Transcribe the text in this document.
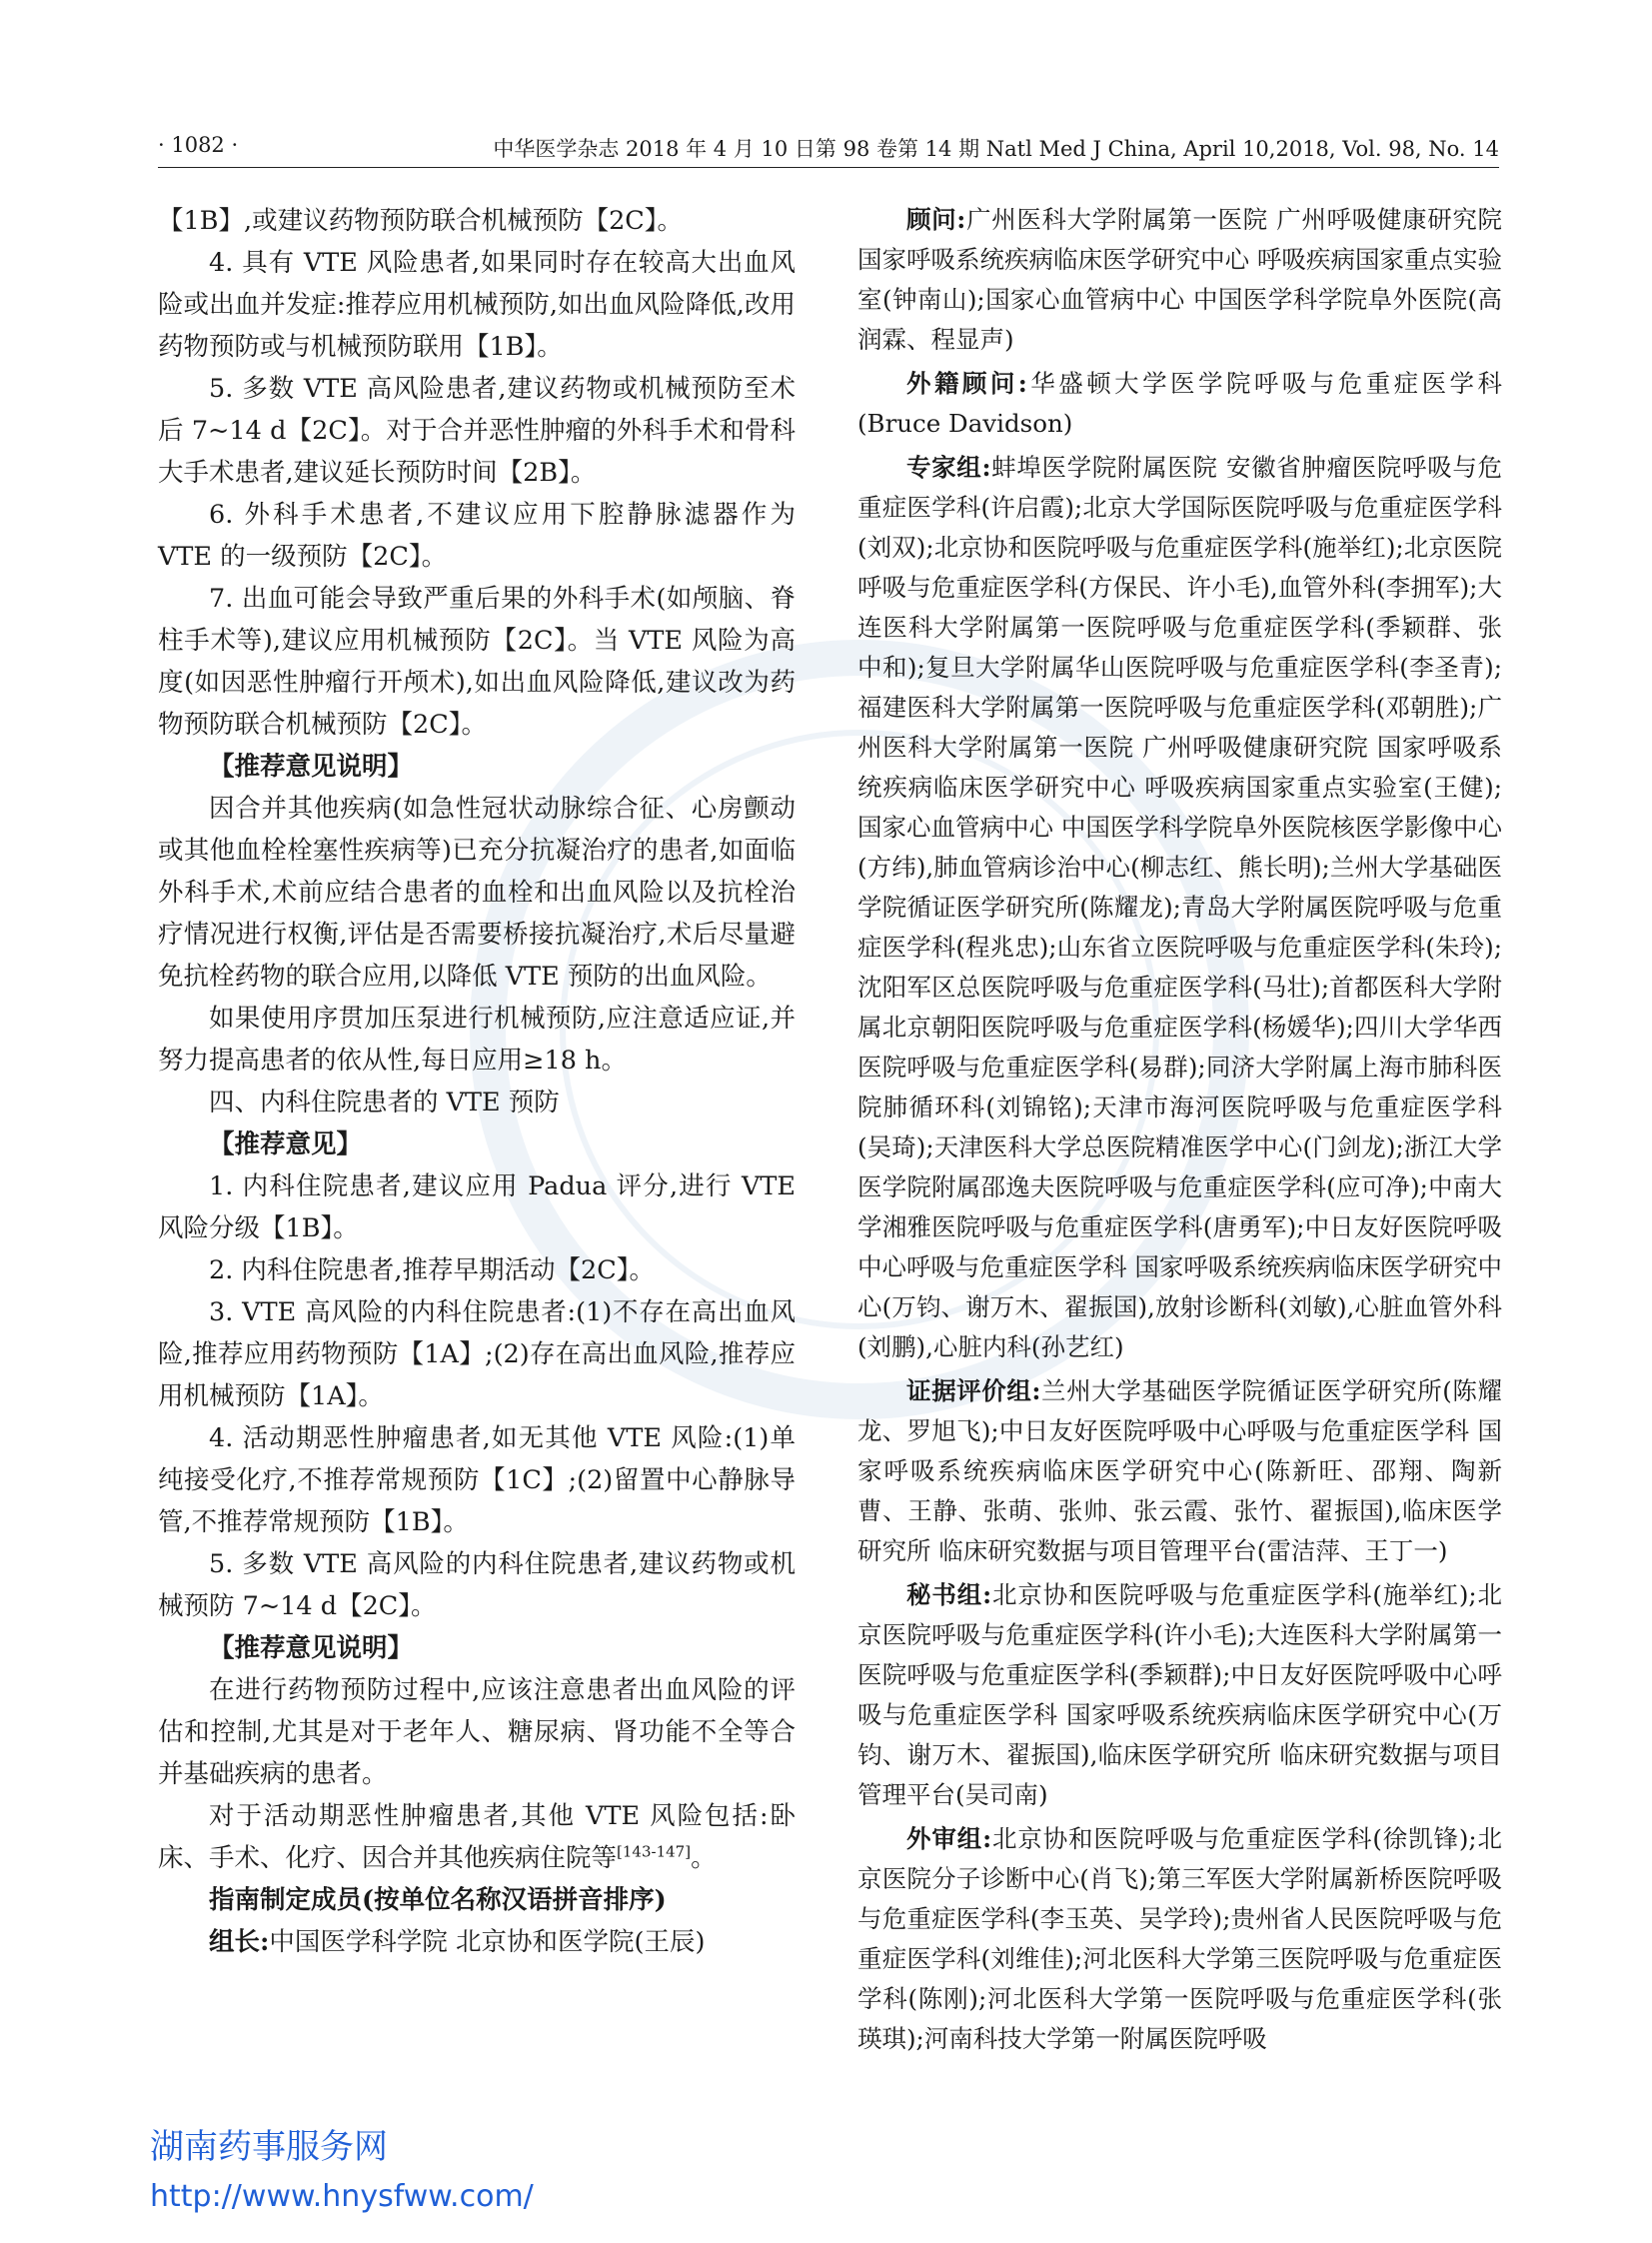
· 1082 ·	中华医学杂志 2018 年 4 月 10 日第 98 卷第 14 期 Natl Med J China, April 10,2018, Vol. 98, No. 14

【1B】,或建议药物预防联合机械预防【2C】。

4. 具有 VTE 风险患者,如果同时存在较高大出血风险或出血并发症:推荐应用机械预防,如出血风险降低,改用药物预防或与机械预防联用【1B】。

5. 多数 VTE 高风险患者,建议药物或机械预防至术后 7~14 d【2C】。对于合并恶性肿瘤的外科手术和骨科大手术患者,建议延长预防时间【2B】。

6. 外科手术患者,不建议应用下腔静脉滤器作为 VTE 的一级预防【2C】。

7. 出血可能会导致严重后果的外科手术(如颅脑、脊柱手术等),建议应用机械预防【2C】。当 VTE 风险为高度(如因恶性肿瘤行开颅术),如出血风险降低,建议改为药物预防联合机械预防【2C】。

【推荐意见说明】

因合并其他疾病(如急性冠状动脉综合征、心房颤动或其他血栓栓塞性疾病等)已充分抗凝治疗的患者,如面临外科手术,术前应结合患者的血栓和出血风险以及抗栓治疗情况进行权衡,评估是否需要桥接抗凝治疗,术后尽量避免抗栓药物的联合应用,以降低 VTE 预防的出血风险。

如果使用序贯加压泵进行机械预防,应注意适应证,并努力提高患者的依从性,每日应用≥18 h。

四、内科住院患者的 VTE 预防

【推荐意见】

1. 内科住院患者,建议应用 Padua 评分,进行 VTE 风险分级【1B】。

2. 内科住院患者,推荐早期活动【2C】。

3. VTE 高风险的内科住院患者:(1)不存在高出血风险,推荐应用药物预防【1A】;(2)存在高出血风险,推荐应用机械预防【1A】。

4. 活动期恶性肿瘤患者,如无其他 VTE 风险:(1)单纯接受化疗,不推荐常规预防【1C】;(2)留置中心静脉导管,不推荐常规预防【1B】。

5. 多数 VTE 高风险的内科住院患者,建议药物或机械预防 7~14 d【2C】。

【推荐意见说明】

在进行药物预防过程中,应该注意患者出血风险的评估和控制,尤其是对于老年人、糖尿病、肾功能不全等合并基础疾病的患者。

对于活动期恶性肿瘤患者,其他 VTE 风险包括:卧床、手术、化疗、因合并其他疾病住院等[143-147]。

指南制定成员(按单位名称汉语拼音排序)

组长:中国医学科学院 北京协和医学院(王辰)

顾问:广州医科大学附属第一医院 广州呼吸健康研究院 国家呼吸系统疾病临床医学研究中心 呼吸疾病国家重点实验室(钟南山);国家心血管病中心 中国医学科学院阜外医院(高润霖、程显声)

外籍顾问:华盛顿大学医学院呼吸与危重症医学科(Bruce Davidson)

专家组:蚌埠医学院附属医院 安徽省肿瘤医院呼吸与危重症医学科(许启霞);北京大学国际医院呼吸与危重症医学科(刘双);北京协和医院呼吸与危重症医学科(施举红);北京医院呼吸与危重症医学科(方保民、许小毛),血管外科(李拥军);大连医科大学附属第一医院呼吸与危重症医学科(季颖群、张中和);复旦大学附属华山医院呼吸与危重症医学科(李圣青);福建医科大学附属第一医院呼吸与危重症医学科(邓朝胜);广州医科大学附属第一医院 广州呼吸健康研究院 国家呼吸系统疾病临床医学研究中心 呼吸疾病国家重点实验室(王健);国家心血管病中心 中国医学科学院阜外医院核医学影像中心(方纬),肺血管病诊治中心(柳志红、熊长明);兰州大学基础医学院循证医学研究所(陈耀龙);青岛大学附属医院呼吸与危重症医学科(程兆忠);山东省立医院呼吸与危重症医学科(朱玲);沈阳军区总医院呼吸与危重症医学科(马壮);首都医科大学附属北京朝阳医院呼吸与危重症医学科(杨媛华);四川大学华西医院呼吸与危重症医学科(易群);同济大学附属上海市肺科医院肺循环科(刘锦铭);天津市海河医院呼吸与危重症医学科(吴琦);天津医科大学总医院精准医学中心(门剑龙);浙江大学医学院附属邵逸夫医院呼吸与危重症医学科(应可净);中南大学湘雅医院呼吸与危重症医学科(唐勇军);中日友好医院呼吸中心呼吸与危重症医学科 国家呼吸系统疾病临床医学研究中心(万钧、谢万木、翟振国),放射诊断科(刘敏),心脏血管外科(刘鹏),心脏内科(孙艺红)

证据评价组:兰州大学基础医学院循证医学研究所(陈耀龙、罗旭飞);中日友好医院呼吸中心呼吸与危重症医学科 国家呼吸系统疾病临床医学研究中心(陈新旺、邵翔、陶新曹、王静、张萌、张帅、张云霞、张竹、翟振国),临床医学研究所 临床研究数据与项目管理平台(雷洁萍、王丁一)

秘书组:北京协和医院呼吸与危重症医学科(施举红);北京医院呼吸与危重症医学科(许小毛);大连医科大学附属第一医院呼吸与危重症医学科(季颖群);中日友好医院呼吸中心呼吸与危重症医学科 国家呼吸系统疾病临床医学研究中心(万钧、谢万木、翟振国),临床医学研究所 临床研究数据与项目管理平台(吴司南)

外审组:北京协和医院呼吸与危重症医学科(徐凯锋);北京医院分子诊断中心(肖飞);第三军医大学附属新桥医院呼吸与危重症医学科(李玉英、吴学玲);贵州省人民医院呼吸与危重症医学科(刘维佳);河北医科大学第三医院呼吸与危重症医学科(陈刚);河北医科大学第一医院呼吸与危重症医学科(张瑛琪);河南科技大学第一附属医院呼吸

湖南药事服务网
http://www.hnysfww.com/
